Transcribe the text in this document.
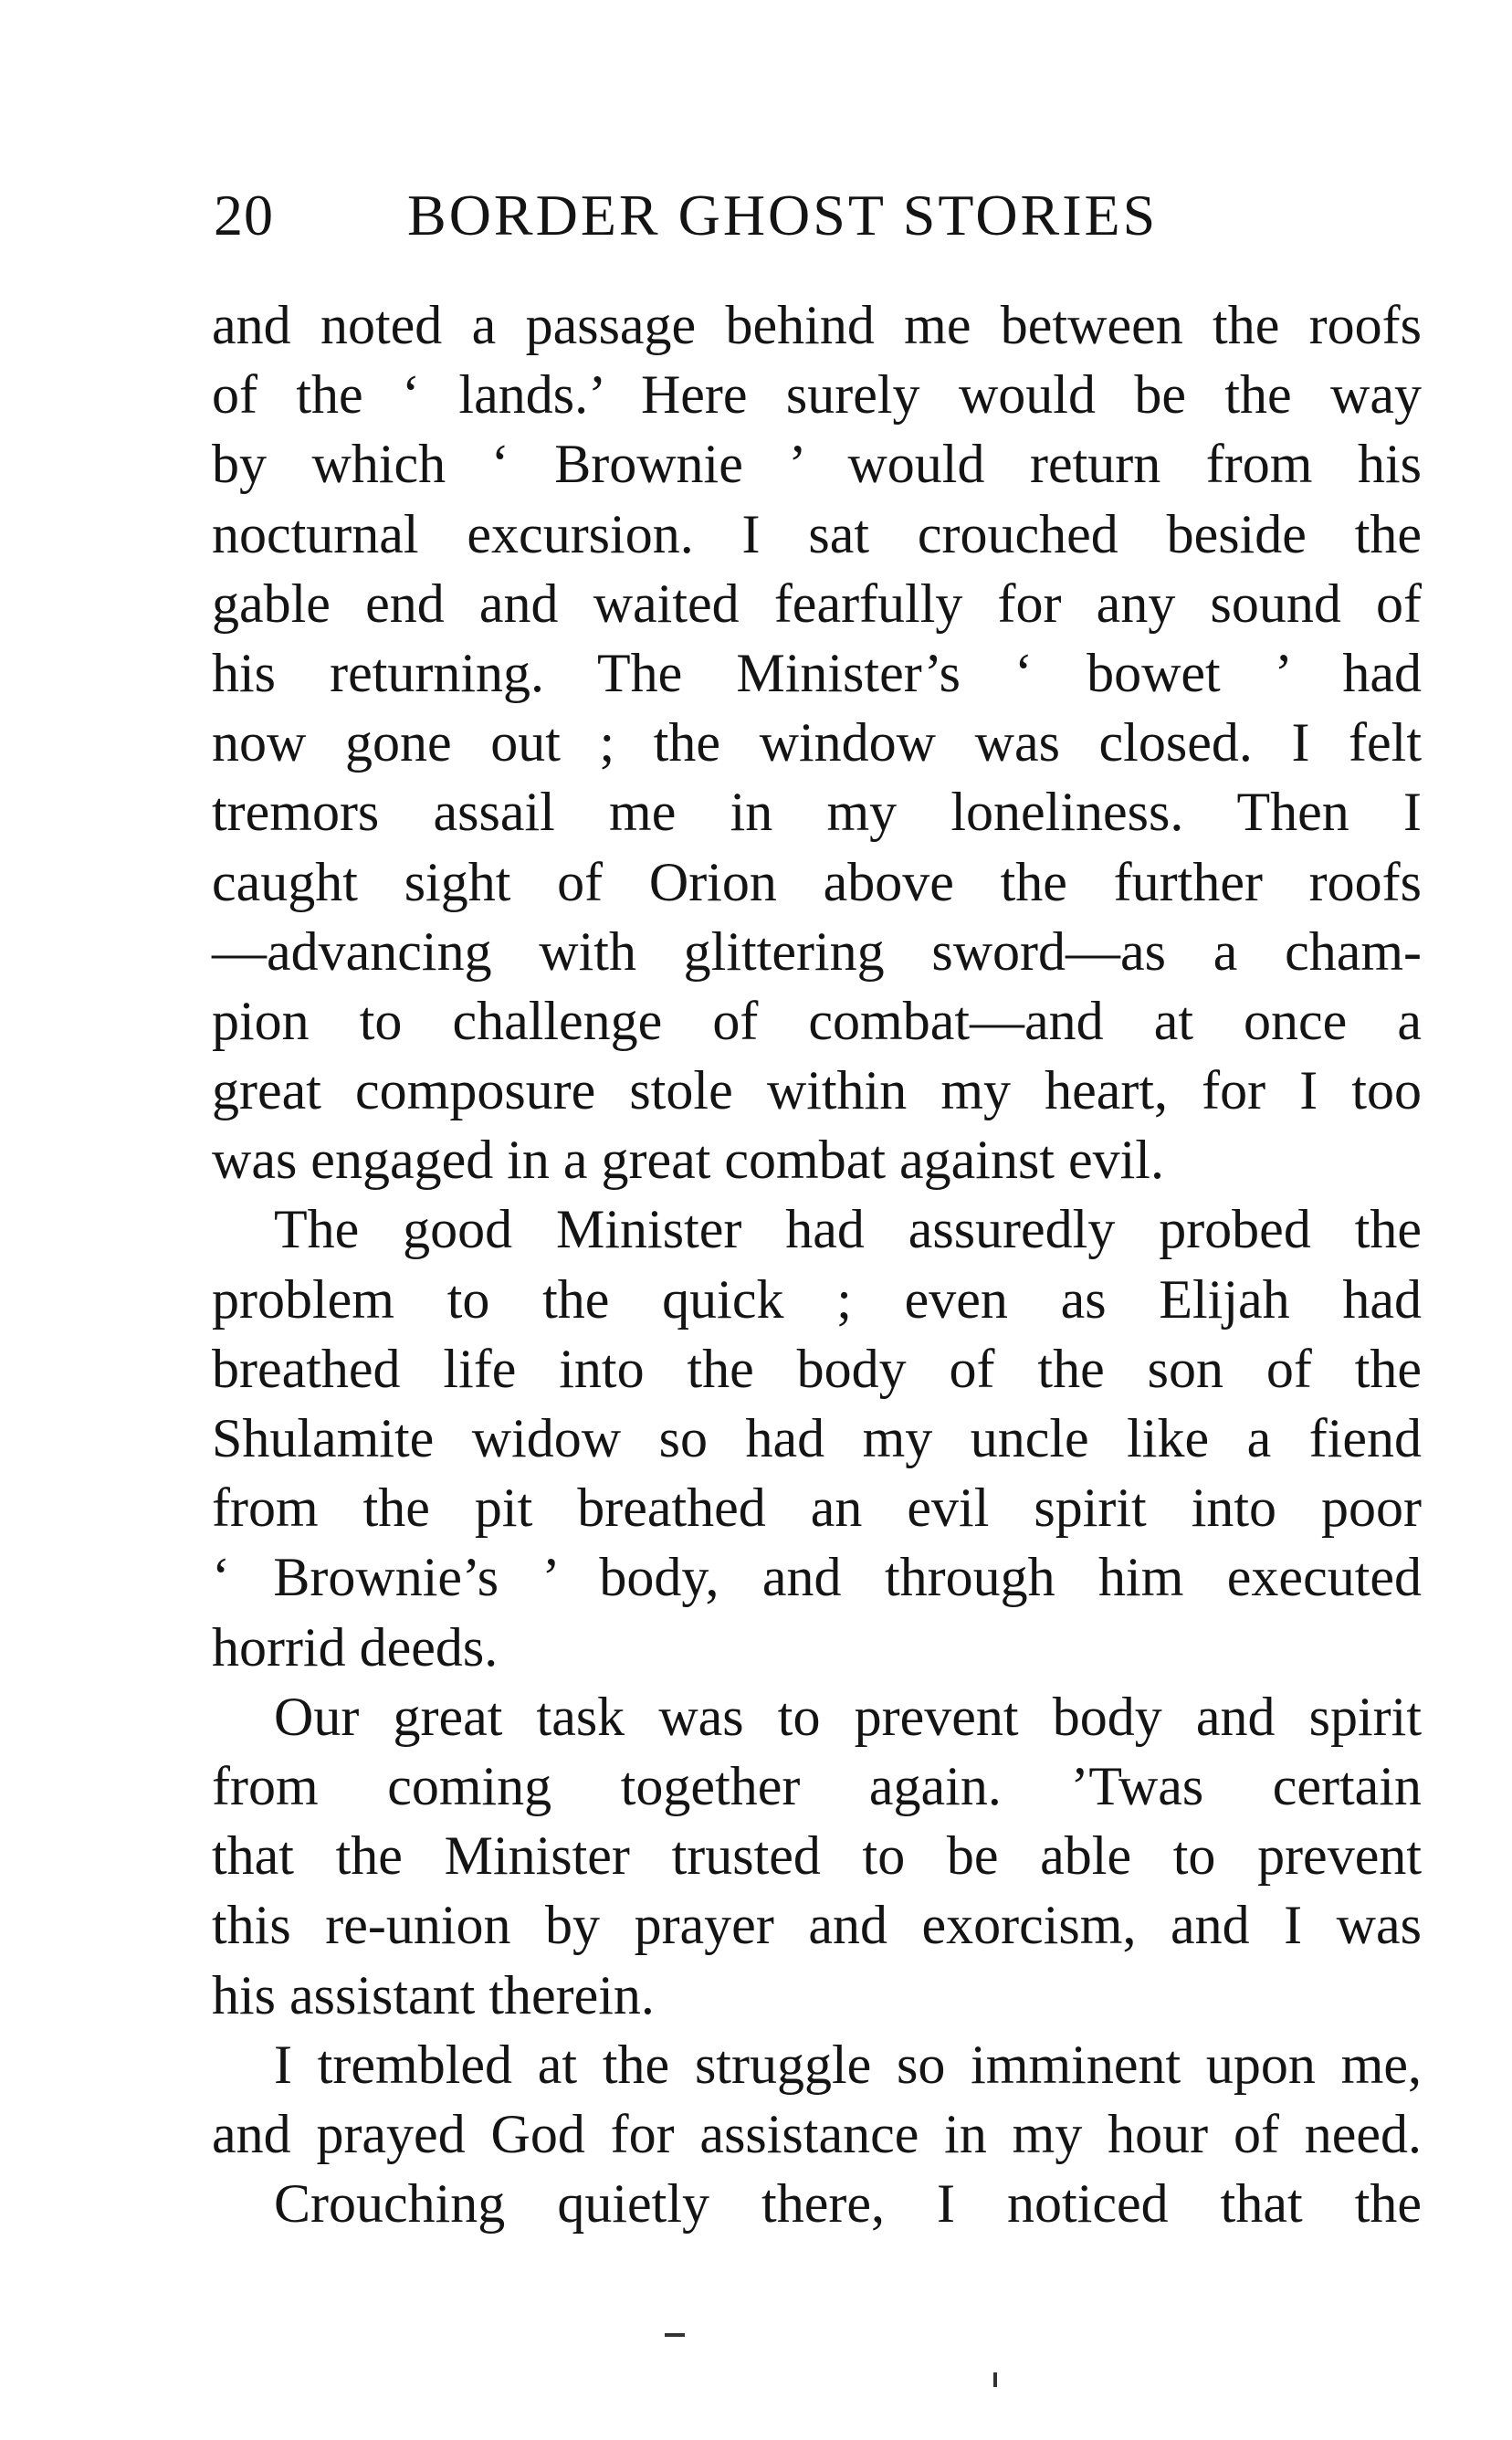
20 BORDER GHOST STORIES
and noted a passage behind me between the roofs
of the ‘ lands.’ Here surely would be the way
by which ‘ Brownie ’ would return from his
nocturnal excursion. I sat crouched beside the
gable end and waited fearfully for any sound of
his returning. The Minister’s ‘ bowet ’ had
now gone out ; the window was closed. I felt
tremors assail me in my loneliness. Then I
caught sight of Orion above the further roofs
—advancing with glittering sword—as a cham-
pion to challenge of combat—and at once a
great composure stole within my heart, for I too
was engaged in a great combat against evil.
The good Minister had assuredly probed the
problem to the quick ; even as Elijah had
breathed life into the body of the son of the
Shulamite widow so had my uncle like a fiend
from the pit breathed an evil spirit into poor
‘ Brownie’s ’ body, and through him executed
horrid deeds.
Our great task was to prevent body and spirit
from coming together again. ’Twas certain
that the Minister trusted to be able to prevent
this re-union by prayer and exorcism, and I was
his assistant therein.
I trembled at the struggle so imminent upon me,
and prayed God for assistance in my hour of need.
Crouching quietly there, I noticed that the
